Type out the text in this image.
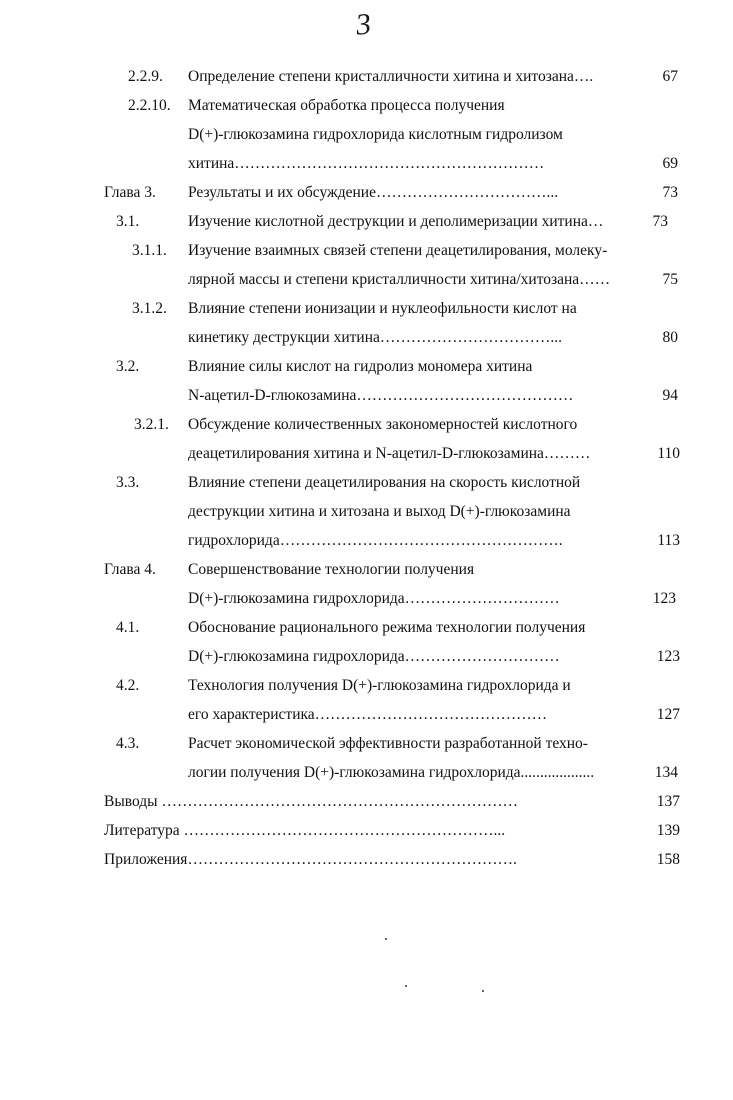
3
2.2.9. Определение степени кристалличности хитина и хитозана….	67
2.2.10. Математическая обработка процесса получения
D(+)-глюкозамина гидрохлорида кислотным гидролизом
хитина……………………………………………………	69
Глава 3. Результаты и их обсуждение……………………………...	73
3.1.	Изучение кислотной деструкции и деполимеризации хитина…	73
3.1.1. Изучение взаимных связей степени деацетилирования, молеку-
лярной массы и степени кристалличности хитина/хитозана……	75
3.1.2. Влияние степени ионизации и нуклеофильности кислот на
кинетику деструкции хитина……………………………...	80
3.2.	Влияние силы кислот на гидролиз мономера хитина
N-ацетил-D-глюкозамина……………………………………	94
3.2.1. Обсуждение количественных закономерностей кислотного
деацетилирования хитина и N-ацетил-D-глюкозамина………	110
3.3.	Влияние степени деацетилирования на скорость кислотной
деструкции хитина и хитозана и выход D(+)-глюкозамина
гидрохлорида……………………………………………….	113
Глава 4. Совершенствование технологии получения
D(+)-глюкозамина гидрохлорида…………………………	123
4.1.	Обоснование рационального режима технологии получения
D(+)-глюкозамина гидрохлорида…………………………	123
4.2.	Технология получения D(+)-глюкозамина гидрохлорида и
его характеристика………………………………………	127
4.3.	Расчет экономической эффективности разработанной техно-
логии получения D(+)-глюкозамина гидрохлорида...................	134
Выводы ……………………………………………………………	137
Литература ……………………………………………………...	139
Приложения……………………………………………………….	158
